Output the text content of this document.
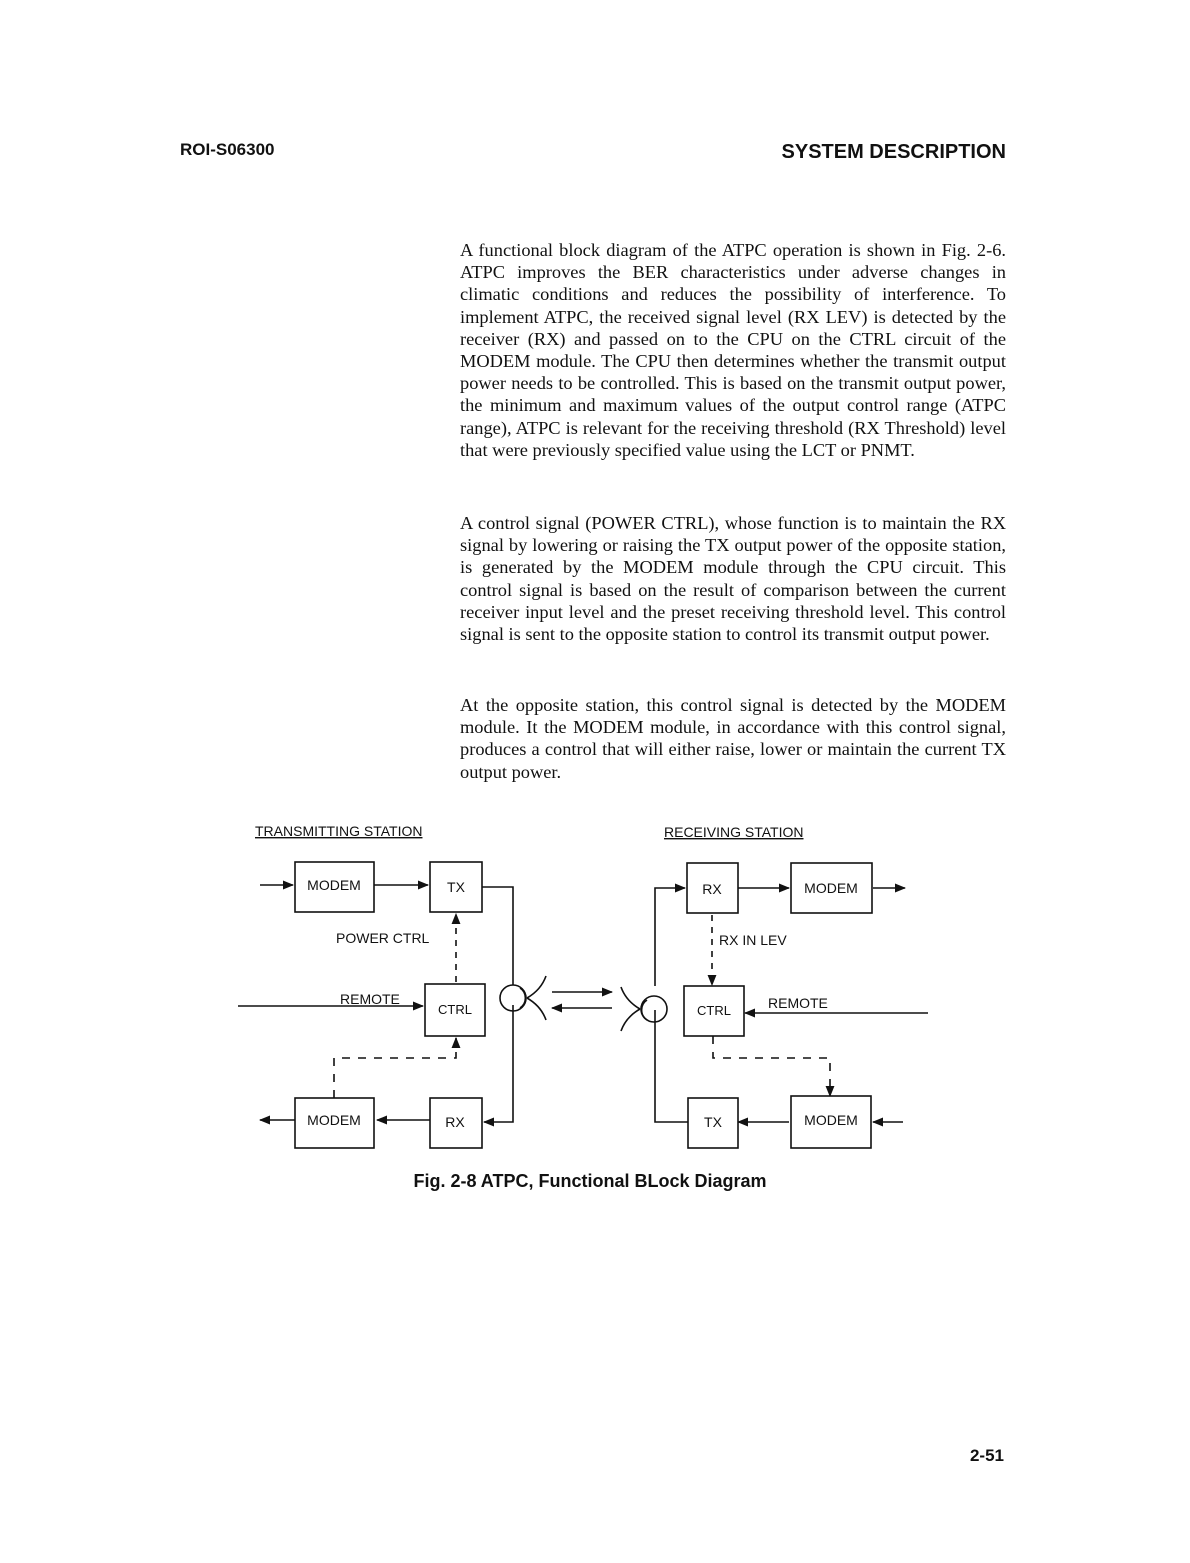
ROI-S06300	SYSTEM DESCRIPTION

A functional block diagram of the ATPC operation is shown in Fig. 2-6. ATPC improves the BER characteristics under adverse changes in climatic conditions and reduces the possibility of interference. To implement ATPC, the received signal level (RX LEV) is detected by the receiver (RX) and passed on to the CPU on the CTRL circuit of the MODEM module. The CPU then determines whether the transmit output power needs to be controlled. This is based on the transmit output power, the minimum and maximum values of the output control range (ATPC range), ATPC is relevant for the receiving threshold (RX Threshold) level that were previously specified value using the LCT or PNMT.

A control signal (POWER CTRL), whose function is to maintain the RX signal by lowering or raising the TX output power of the opposite station, is generated by the MODEM module through the CPU circuit. This control signal is based on the result of comparison between the current receiver input level and the preset receiving threshold level. This control signal is sent to the opposite station to control its transmit output power.

At the opposite station, this control signal is detected by the MODEM module. It the MODEM module, in accordance with this control signal, produces a control that will either raise, lower or maintain the current TX output power.

TRANSMITTING STATION	RECEIVING STATION
MODEM	TX
POWER CTRL
REMOTE
CTRL
MODEM	RX
RX	MODEM
RX IN LEV
CTRL	REMOTE
TX	MODEM
Fig. 2-8 ATPC, Functional BLock Diagram
2-51
